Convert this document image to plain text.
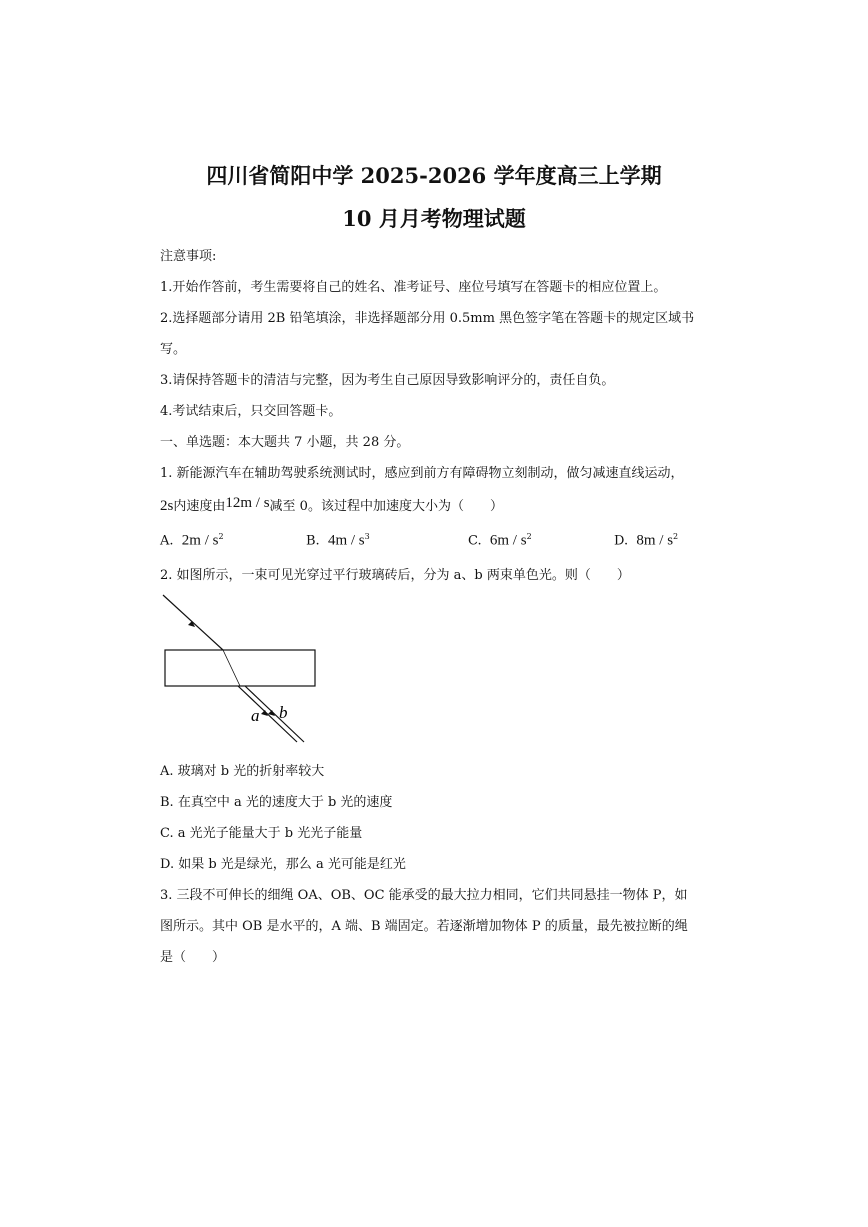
四川省简阳中学 2025-2026 学年度高三上学期
10 月月考物理试题
注意事项:
1.开始作答前，考生需要将自己的姓名、准考证号、座位号填写在答题卡的相应位置上。
2.选择题部分请用 2B 铅笔填涂，非选择题部分用 0.5mm 黑色签字笔在答题卡的规定区域书
写。
3.请保持答题卡的清洁与完整，因为考生自己原因导致影响评分的，责任自负。
4.考试结束后，只交回答题卡。
一、单选题：本大题共 7 小题，共 28 分。
1. 新能源汽车在辅助驾驶系统测试时，感应到前方有障碍物立刻制动，做匀减速直线运动，
2s内速度由12m / s减至 0。该过程中加速度大小为（　　）
A. $2m / s^2$	B. $4m / s^3$	C. $6m / s^2$	D. $8m / s^2$
2. 如图所示，一束可见光穿过平行玻璃砖后，分为 a、b 两束单色光。则（　　）
a b
A. 玻璃对 b 光的折射率较大
B. 在真空中 a 光的速度大于 b 光的速度
C. a 光光子能量大于 b 光光子能量
D. 如果 b 光是绿光，那么 a 光可能是红光
3. 三段不可伸长的细绳 OA、OB、OC 能承受的最大拉力相同，它们共同悬挂一物体 P，如
图所示。其中 OB 是水平的，A 端、B 端固定。若逐渐增加物体 P 的质量，最先被拉断的绳
是（　　）
